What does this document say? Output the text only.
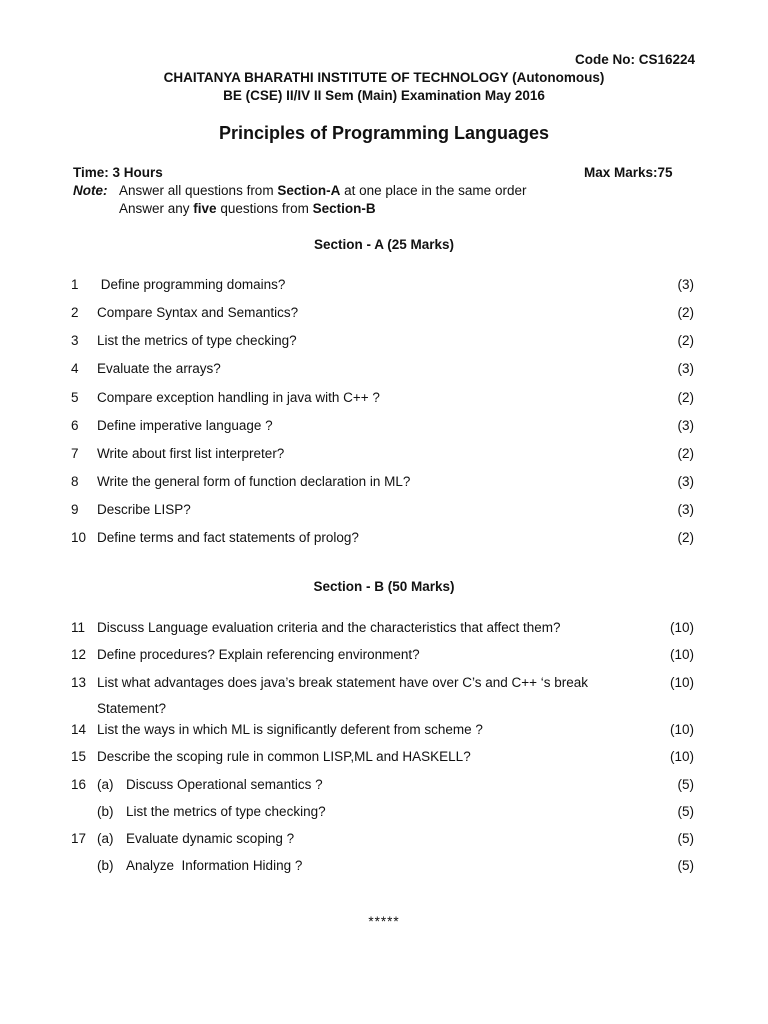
Code No: CS16224
CHAITANYA BHARATHI INSTITUTE OF TECHNOLOGY (Autonomous)
BE (CSE) II/IV II Sem (Main) Examination May 2016
Principles of Programming Languages
Time: 3 Hours	Max Marks:75
Note: Answer all questions from Section-A at one place in the same order
Answer any five questions from Section-B
Section - A (25 Marks)
1 Define programming domains?	(3)
2 Compare Syntax and Semantics?	(2)
3 List the metrics of type checking?	(2)
4 Evaluate the arrays?	(3)
5 Compare exception handling in java with C++ ?	(2)
6 Define imperative language ?	(3)
7 Write about first list interpreter?	(2)
8 Write the general form of function declaration in ML?	(3)
9 Describe LISP?	(3)
10 Define terms and fact statements of prolog?	(2)
Section - B (50 Marks)
11 Discuss Language evaluation criteria and the characteristics that affect them?	(10)
12 Define procedures? Explain referencing environment?	(10)
13 List what advantages does java’s break statement have over C’s and C++ ‘s break	(10)
Statement?
14 List the ways in which ML is significantly deferent from scheme ?	(10)
15 Describe the scoping rule in common LISP,ML and HASKELL?	(10)
16 (a) Discuss Operational semantics ?	(5)
(b) List the metrics of type checking?	(5)
17 (a) Evaluate dynamic scoping ?	(5)
(b) Analyze  Information Hiding ?	(5)
*****
